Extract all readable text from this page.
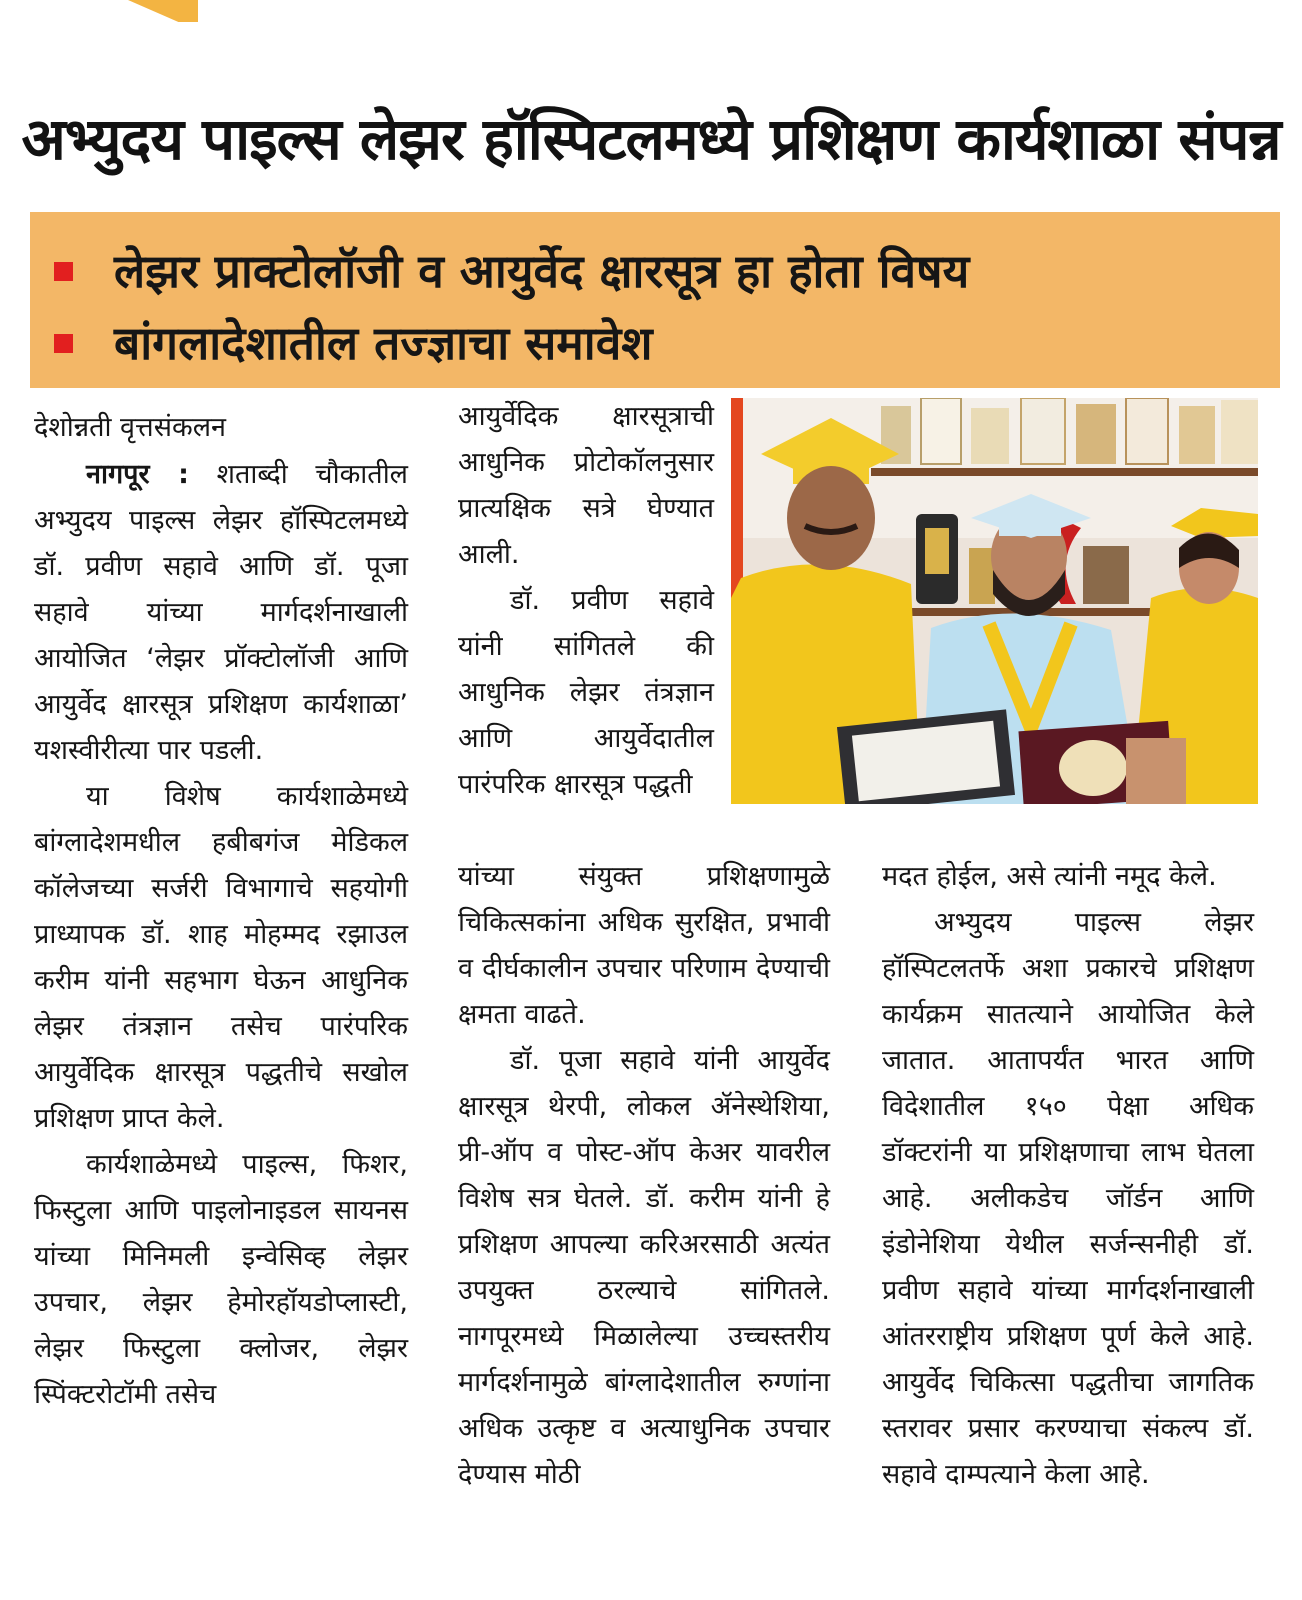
अभ्युदय पाइल्स लेझर हॉस्पिटलमध्ये प्रशिक्षण कार्यशाळा संपन्न
लेझर प्राक्टोलॉजी व आयुर्वेद क्षारसूत्र हा होता विषय
बांगलादेशातील तज्ज्ञाचा समावेश

देशोन्नती वृत्तसंकलन

नागपूर : शताब्दी चौकातील अभ्युदय पाइल्स लेझर हॉस्पिटलमध्ये डॉ. प्रवीण सहावे आणि डॉ. पूजा सहावे यांच्या मार्गदर्शनाखाली आयोजित ‘लेझर प्रॉक्टोलॉजी आणि आयुर्वेद क्षारसूत्र प्रशिक्षण कार्यशाळा’ यशस्वीरीत्या पार पडली.

या विशेष कार्यशाळेमध्ये बांग्लादेशमधील हबीबगंज मेडिकल कॉलेजच्या सर्जरी विभागाचे सहयोगी प्राध्यापक डॉ. शाह मोहम्मद रझाउल करीम यांनी सहभाग घेऊन आधुनिक लेझर तंत्रज्ञान तसेच पारंपरिक आयुर्वेदिक क्षारसूत्र पद्धतीचे सखोल प्रशिक्षण प्राप्त केले.

कार्यशाळेमध्ये पाइल्स, फिशर, फिस्टुला आणि पाइलोनाइडल सायनस यांच्या मिनिमली इन्वेसिव्ह लेझर उपचार, लेझर हेमोरहॉयडोप्लास्टी, लेझर फिस्टुला क्लोजर, लेझर स्पिंक्टरोटॉमी तसेच

आयुर्वेदिक क्षारसूत्राची आधुनिक प्रोटोकॉलनुसार प्रात्यक्षिक सत्रे घेण्यात आली.

डॉ. प्रवीण सहावे यांनी सांगितले की आधुनिक लेझर तंत्रज्ञान आणि आयुर्वेदातील पारंपरिक क्षारसूत्र पद्धती

यांच्या संयुक्त प्रशिक्षणामुळे चिकित्सकांना अधिक सुरक्षित, प्रभावी व दीर्घकालीन उपचार परिणाम देण्याची क्षमता वाढते.

डॉ. पूजा सहावे यांनी आयुर्वेद क्षारसूत्र थेरपी, लोकल ॲनेस्थेशिया, प्री-ऑप व पोस्ट-ऑप केअर यावरील विशेष सत्र घेतले. डॉ. करीम यांनी हे प्रशिक्षण आपल्या करिअरसाठी अत्यंत उपयुक्त ठरल्याचे सांगितले. नागपूरमध्ये मिळालेल्या उच्चस्तरीय मार्गदर्शनामुळे बांग्लादेशातील रुग्णांना अधिक उत्कृष्ट व अत्याधुनिक उपचार देण्यास मोठी

मदत होईल, असे त्यांनी नमूद केले.

अभ्युदय पाइल्स लेझर हॉस्पिटलतर्फे अशा प्रकारचे प्रशिक्षण कार्यक्रम सातत्याने आयोजित केले जातात. आतापर्यंत भारत आणि विदेशातील १५० पेक्षा अधिक डॉक्टरांनी या प्रशिक्षणाचा लाभ घेतला आहे. अलीकडेच जॉर्डन आणि इंडोनेशिया येथील सर्जन्सनीही डॉ. प्रवीण सहावे यांच्या मार्गदर्शनाखाली आंतरराष्ट्रीय प्रशिक्षण पूर्ण केले आहे. आयुर्वेद चिकित्सा पद्धतीचा जागतिक स्तरावर प्रसार करण्याचा संकल्प डॉ. सहावे दाम्पत्याने केला आहे.
